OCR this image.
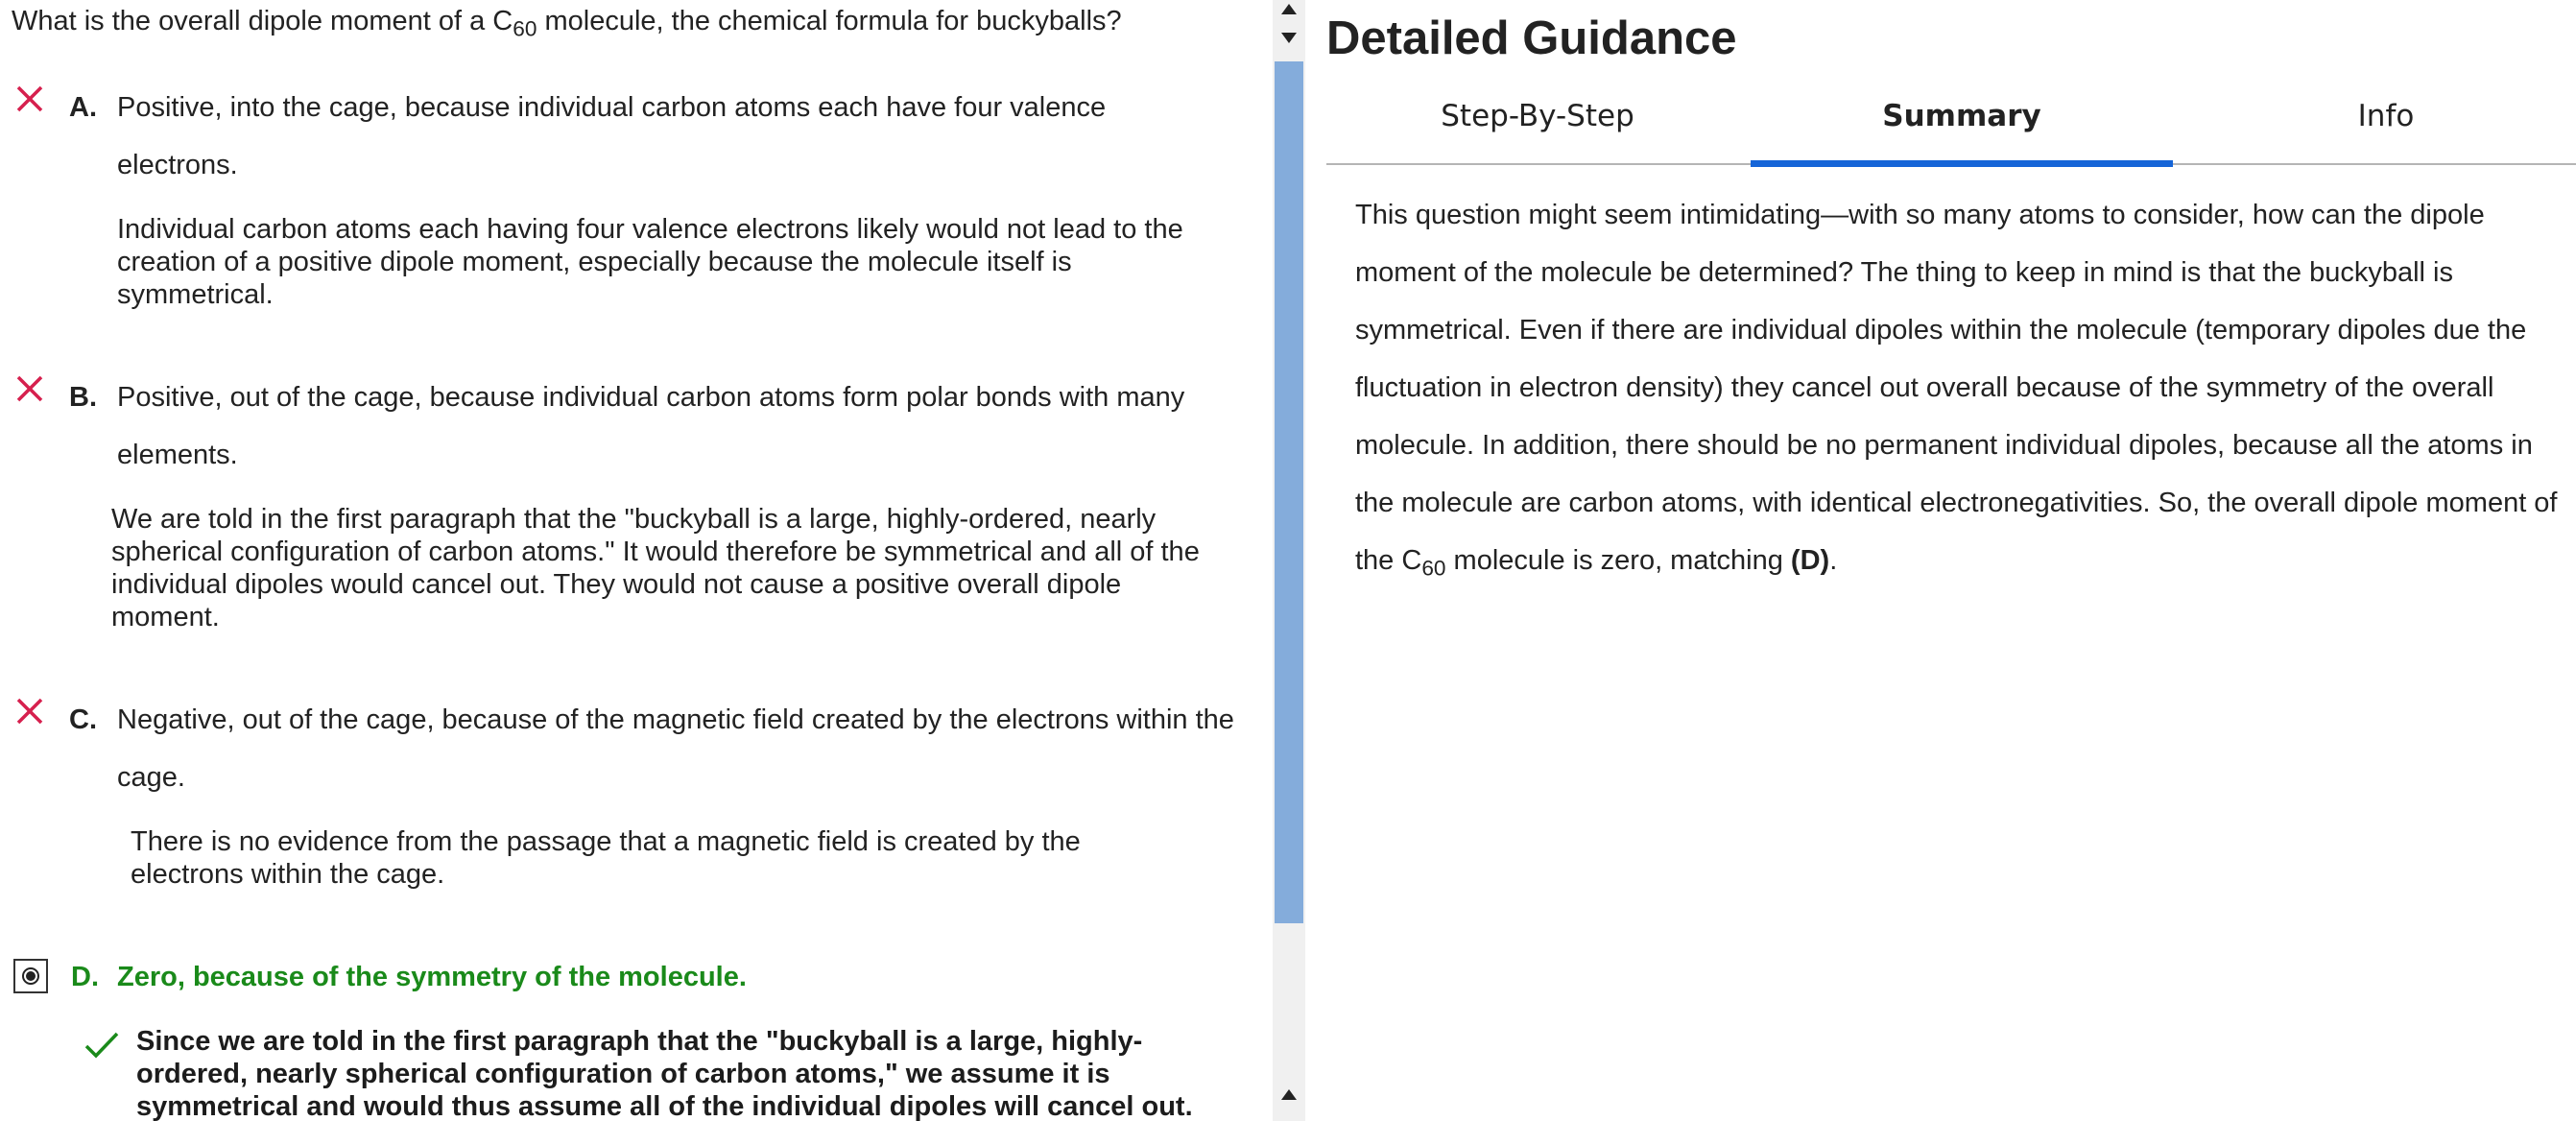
What is the overall dipole moment of a $C_{60}$ molecule, the chemical formula for buckyballs?
A. Positive, into the cage, because individual carbon atoms each have four valence electrons.
Individual carbon atoms each having four valence electrons likely would not lead to the creation of a positive dipole moment, especially because the molecule itself is symmetrical.
B. Positive, out of the cage, because individual carbon atoms form polar bonds with many elements.
We are told in the first paragraph that the "buckyball is a large, highly-ordered, nearly spherical configuration of carbon atoms." It would therefore be symmetrical and all of the individual dipoles would cancel out. They would not cause a positive overall dipole moment.
C. Negative, out of the cage, because of the magnetic field created by the electrons within the cage.
There is no evidence from the passage that a magnetic field is created by the electrons within the cage.
D. Zero, because of the symmetry of the molecule.
Since we are told in the first paragraph that the "buckyball is a large, highly-ordered, nearly spherical configuration of carbon atoms," we assume it is symmetrical and would thus assume all of the individual dipoles will cancel out.
Detailed Guidance
Step-By-Step	Summary	Info
This question might seem intimidating—with so many atoms to consider, how can the dipole moment of the molecule be determined? The thing to keep in mind is that the buckyball is symmetrical. Even if there are individual dipoles within the molecule (temporary dipoles due the fluctuation in electron density) they cancel out overall because of the symmetry of the overall molecule. In addition, there should be no permanent individual dipoles, because all the atoms in the molecule are carbon atoms, with identical electronegativities. So, the overall dipole moment of the $C_{60}$ molecule is zero, matching (D).
